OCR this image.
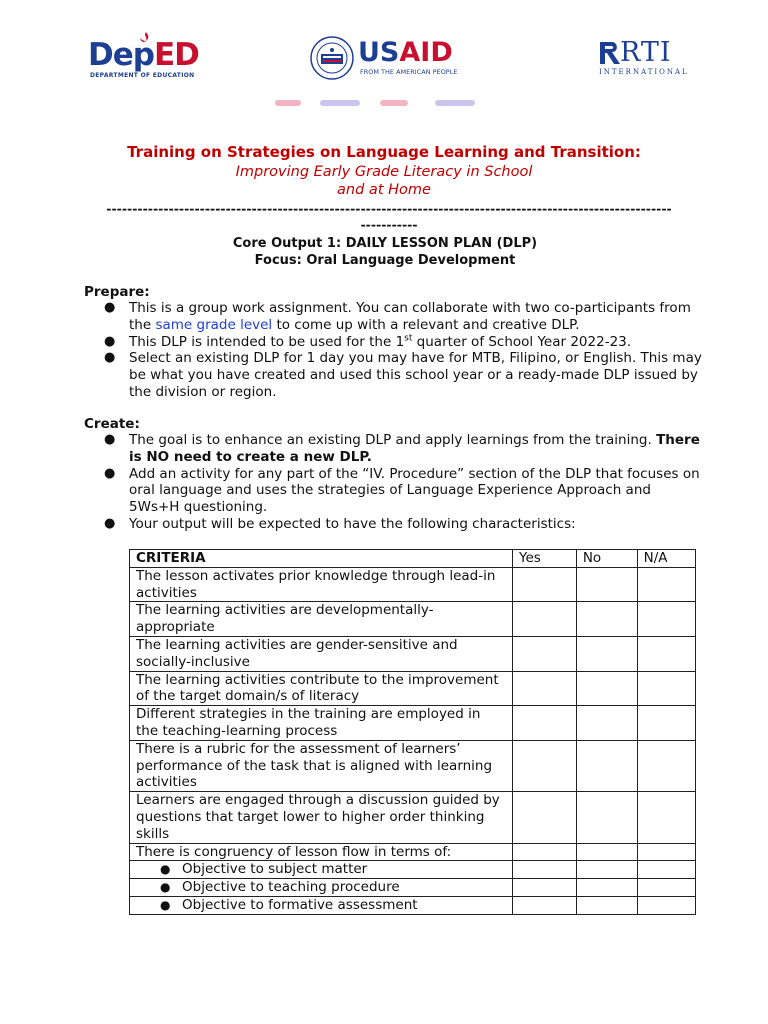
DepED
DEPARTMENT OF EDUCATION
USAID
FROM THE AMERICAN PEOPLE
RTI
INTERNATIONAL
Training on Strategies on Language Learning and Transition:
Improving Early Grade Literacy in School
and at Home
------------------------------------------------------------------------------------------------------------------------
Core Output 1: DAILY LESSON PLAN (DLP)
Focus: Oral Language Development
Prepare:
● This is a group work assignment. You can collaborate with two co-participants from the same grade level to come up with a relevant and creative DLP.
● This DLP is intended to be used for the 1st quarter of School Year 2022-23.
● Select an existing DLP for 1 day you may have for MTB, Filipino, or English. This may be what you have created and used this school year or a ready-made DLP issued by the division or region.
Create:
● The goal is to enhance an existing DLP and apply learnings from the training. There is NO need to create a new DLP.
● Add an activity for any part of the “IV. Procedure” section of the DLP that focuses on oral language and uses the strategies of Language Experience Approach and 5Ws+H questioning.
● Your output will be expected to have the following characteristics:
CRITERIA	Yes	No	N/A
The lesson activates prior knowledge through lead-in activities			
The learning activities are developmentally-appropriate			
The learning activities are gender-sensitive and socially-inclusive			
The learning activities contribute to the improvement of the target domain/s of literacy			
Different strategies in the training are employed in the teaching-learning process			
There is a rubric for the assessment of learners’ performance of the task that is aligned with learning activities			
Learners are engaged through a discussion guided by questions that target lower to higher order thinking skills			
There is congruency of lesson flow in terms of:			
● Objective to subject matter			
● Objective to teaching procedure			
● Objective to formative assessment			
